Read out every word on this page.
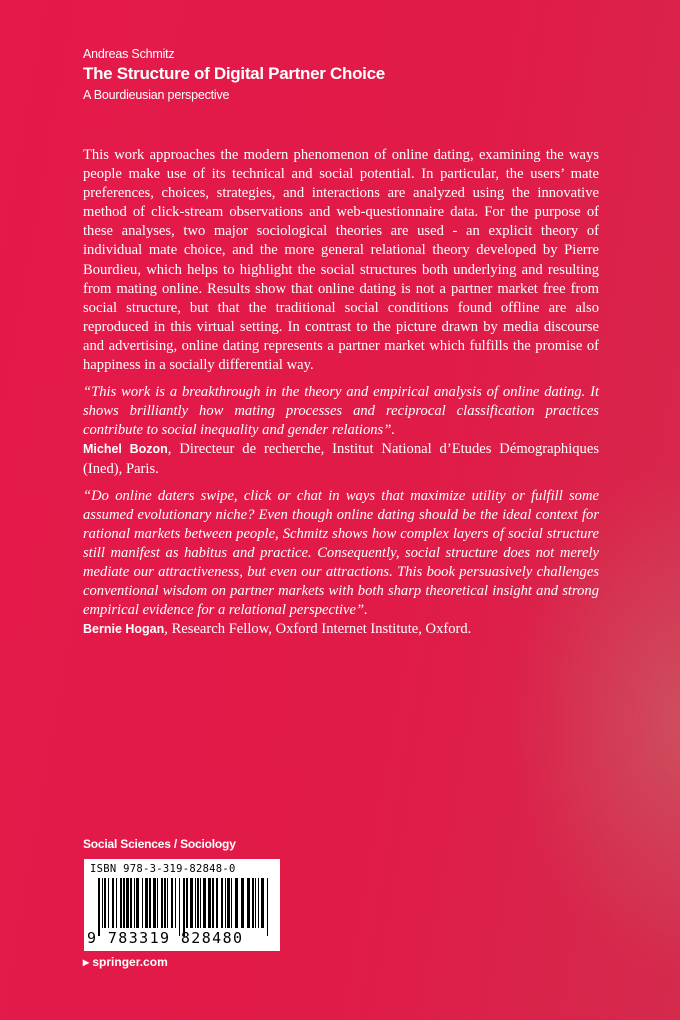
Andreas Schmitz
The Structure of Digital Partner Choice
A Bourdieusian perspective

This work approaches the modern phenomenon of online dating, examining the ways people make use of its technical and social potential. In particular, the users’ mate preferences, choices, strategies, and interactions are analyzed using the innovative method of click-stream observations and web-questionnaire data. For the purpose of these analyses, two major sociological theories are used - an explicit theory of individual mate choice, and the more general relational theory developed by Pierre Bourdieu, which helps to highlight the social structures both underlying and resulting from mating online. Results show that online dating is not a partner market free from social structure, but that the traditional social conditions found offline are also reproduced in this virtual setting. In contrast to the picture drawn by media discourse and advertising, online dating represents a partner market which fulfills the promise of happiness in a socially differential way.

“This work is a breakthrough in the theory and empirical analysis of online dating. It shows brilliantly how mating processes and reciprocal classification practices contribute to social inequality and gender relations”.

Michel Bozon, Directeur de recherche, Institut National d’Etudes Démographiques (Ined), Paris.

“Do online daters swipe, click or chat in ways that maximize utility or fulfill some assumed evolutionary niche? Even though online dating should be the ideal context for rational markets between people, Schmitz shows how complex layers of social structure still manifest as habitus and practice. Consequently, social structure does not merely mediate our attractiveness, but even our attractions. This book persuasively challenges conventional wisdom on partner markets with both sharp theoretical insight and strong empirical evidence for a relational perspective”.

Bernie Hogan, Research Fellow, Oxford Internet Institute, Oxford.

Social Sciences / Sociology
ISBN 978-3-319-82848-0
9 783319 828480
▸ springer.com
